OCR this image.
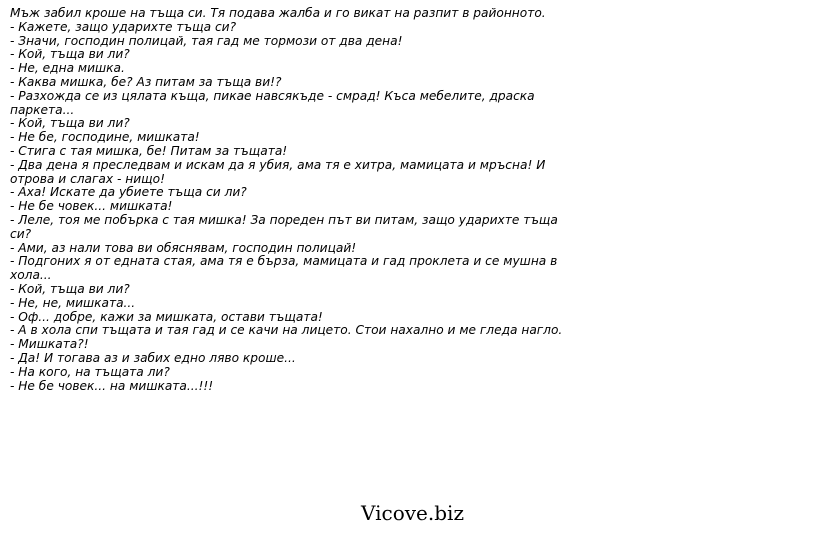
Мъж забил кроше на тъща си. Тя подава жалба и го викат на разпит в районното.
- Кажете, защо ударихте тъща си?
- Значи, господин полицай, тая гад ме тормози от два дена!
- Кой, тъща ви ли?
- Не, една мишка.
- Каква мишка, бе? Аз питам за тъща ви!?
- Разхожда се из цялата къща, пикае навсякъде - смрад! Къса мебелите, драска паркета...
- Кой, тъща ви ли?
- Не бе, господине, мишката!
- Стига с тая мишка, бе! Питам за тъщата!
- Два дена я преследвам и искам да я убия, ама тя е хитра, мамицата и мръсна! И отрова и слагах - нищо!
- Аха! Искате да убиете тъща си ли?
- Не бе човек... мишката!
- Леле, тоя ме побърка с тая мишка! За пореден път ви питам, защо ударихте тъща си?
- Ами, аз нали това ви обяснявам, господин полицай!
- Подгоних я от едната стая, ама тя е бърза, мамицата и гад проклета и се мушна в хола...
- Кой, тъща ви ли?
- Не, не, мишката...
- Оф... добре, кажи за мишката, остави тъщата!
- А в хола спи тъщата и тая гад и се качи на лицето. Стои нахално и ме гледа нагло.
- Мишката?!
- Да! И тогава аз и забих едно ляво кроше...
- На кого, на тъщата ли?
- Не бе човек... на мишката...!!!
Vicove.biz
